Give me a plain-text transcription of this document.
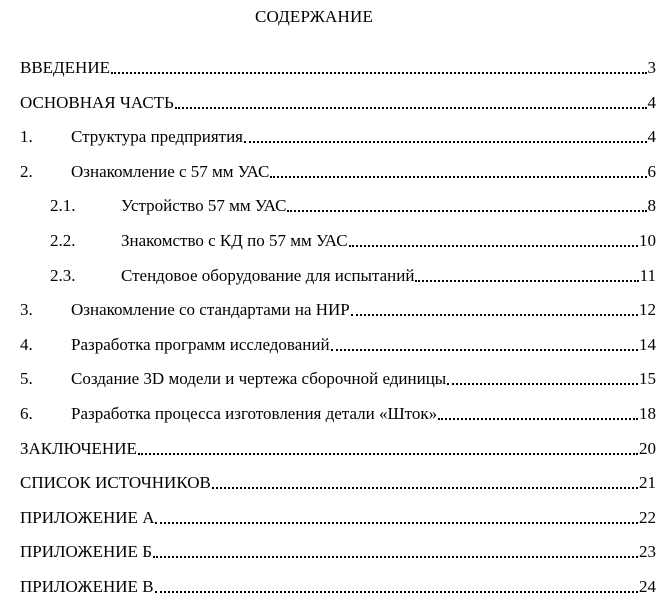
СОДЕРЖАНИЕ
ВВЕДЕНИЕ	3
ОСНОВНАЯ ЧАСТЬ	4
1. Структура предприятия	4
2. Ознакомление с 57 мм УАС	6
2.1.	Устройство 57 мм УАС	8
2.2.	Знакомство с КД по 57 мм УАС	10
2.3.	Стендовое оборудование для испытаний	11
3. Ознакомление со стандартами на НИР	12
4. Разработка программ исследований	14
5. Создание 3D модели и чертежа сборочной единицы	15
6. Разработка процесса изготовления детали «Шток»	18
ЗАКЛЮЧЕНИЕ	20
СПИСОК ИСТОЧНИКОВ	21
ПРИЛОЖЕНИЕ А	22
ПРИЛОЖЕНИЕ Б	23
ПРИЛОЖЕНИЕ В	24
